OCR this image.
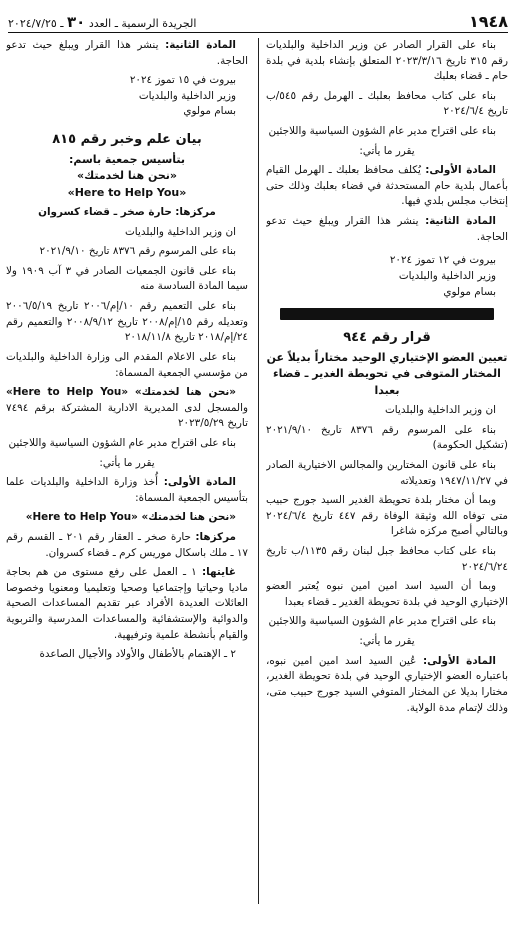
١٩٤٨
الجريدة الرسمية ـ العدد ٣٠ ـ ٢٠٢٤/٧/٢٥

بناء على القرار الصادر عن وزير الداخلية والبلديات رقم ٣١٥ تاريخ ٢٠٢٣/٣/١٦ المتعلق بإنشاء بلدية في بلدة حام ـ قضاء بعلبك

بناء على كتاب محافظ بعلبك ـ الهرمل رقم ٥٤٥/ب تاريخ ٢٠٢٤/٦/٤

بناء على اقتراح مدير عام الشؤون السياسية واللاجئين

يقرر ما يأتي:

المادة الأولى: يُكلف محافظ بعلبك ـ الهرمل القيام بأعمال بلدية حام المستحدثة في قضاء بعلبك وذلك حتى إنتخاب مجلس بلدي فيها.

المادة الثانية: ينشر هذا القرار ويبلغ حيث تدعو الحاجة.

بيروت في ١٢ تموز ٢٠٢٤

وزير الداخلية والبلديات

بسام مولوي

قرار رقم ٩٤٤
تعيين العضو الإختياري الوحيد مختاراً بديلاً عن المختار المتوفى في تحويطة الغدير ـ قضاء بعبدا

ان وزير الداخلية والبلديات

بناء على المرسوم رقم ٨٣٧٦ تاريخ ٢٠٢١/٩/١٠ (تشكيل الحكومة)

بناء على قانون المختارين والمجالس الاختيارية الصادر في ١٩٤٧/١١/٢٧ وتعديلاته

وبما أن مختار بلدة تحويطة الغدير السيد جورج حبيب متى توفاه الله وثيقة الوفاة رقم ٤٤٧ تاريخ ٢٠٢٤/٦/٤ وبالتالي أصبح مركزه شاغرا

بناء على كتاب محافظ جبل لبنان رقم ١١٣٥/ب تاريخ ٢٠٢٤/٦/٢٤

وبما أن السيد اسد امين امين نبوه يُعتبر العضو الإختياري الوحيد في بلدة تحويطة الغدير ـ قضاء بعبدا

بناء على اقتراح مدير عام الشؤون السياسية واللاجئين

يقرر ما يأتي:

المادة الأولى: عُين السيد اسد امين امين نبوه، باعتباره العضو الإختياري الوحيد في بلدة تحويطة الغدير، مختارا بديلا عن المختار المتوفي السيد جورج حبيب متى، وذلك لإتمام مدة الولاية.

المادة الثانية: ينشر هذا القرار ويبلغ حيث تدعو الحاجة.

بيروت في ١٥ تموز ٢٠٢٤

وزير الداخلية والبلديات

بسام مولوي

بيان علم وخبر رقم ٨١٥
بتأسيس جمعية باسم:
«نحن هنا لخدمتك»
«Here to Help You»

مركزها: حارة صخر ـ قضاء كسروان

ان وزير الداخلية والبلديات

بناء على المرسوم رقم ٨٣٧٦ تاريخ ٢٠٢١/٩/١٠

بناء على قانون الجمعيات الصادر في ٣ آب ١٩٠٩ ولا سيما المادة السادسة منه

بناء على التعميم رقم ١٠/إم/٢٠٠٦ تاريخ ٢٠٠٦/٥/١٩ وتعديله رقم ١٥/إم/٢٠٠٨ تاريخ ٢٠٠٨/٩/١٢ والتعميم رقم ٢٤/إم/٢٠١٨ تاريخ ٢٠١٨/١١/٨

بناء على الاعلام المقدم الى وزارة الداخلية والبلديات من مؤسسي الجمعية المسماة:

«نحن هنا لخدمتك» «Here to Help You» والمسجل لدى المديرية الادارية المشتركة برقم ٧٤٩٤ تاريخ ٢٠٢٣/٥/٢٩

بناء على اقتراح مدير عام الشؤون السياسية واللاجئين

يقرر ما يأتي:

المادة الأولى: أُخذ وزارة الداخلية والبلديات علما بتأسيس الجمعية المسماة:

«نحن هنا لخدمتك» «Here to Help You»

مركزها: حارة صخر ـ العقار رقم ٢٠١ ـ القسم رقم ١٧ ـ ملك باسكال موريس كرم ـ قضاء كسروان.

غايتها: ١ ـ العمل على رفع مستوى من هم بحاجة ماديا وحياتيا وإجتماعيا وصحيا وتعليميا ومعنويا وخصوصا العائلات العديدة الأفراد عبر تقديم المساعدات الصحية والدوائية والإستشفائية والمساعدات المدرسية والتربوية والقيام بأنشطة علمية وترفيهية.

٢ ـ الإهتمام بالأطفال والأولاد والأجيال الصاعدة
